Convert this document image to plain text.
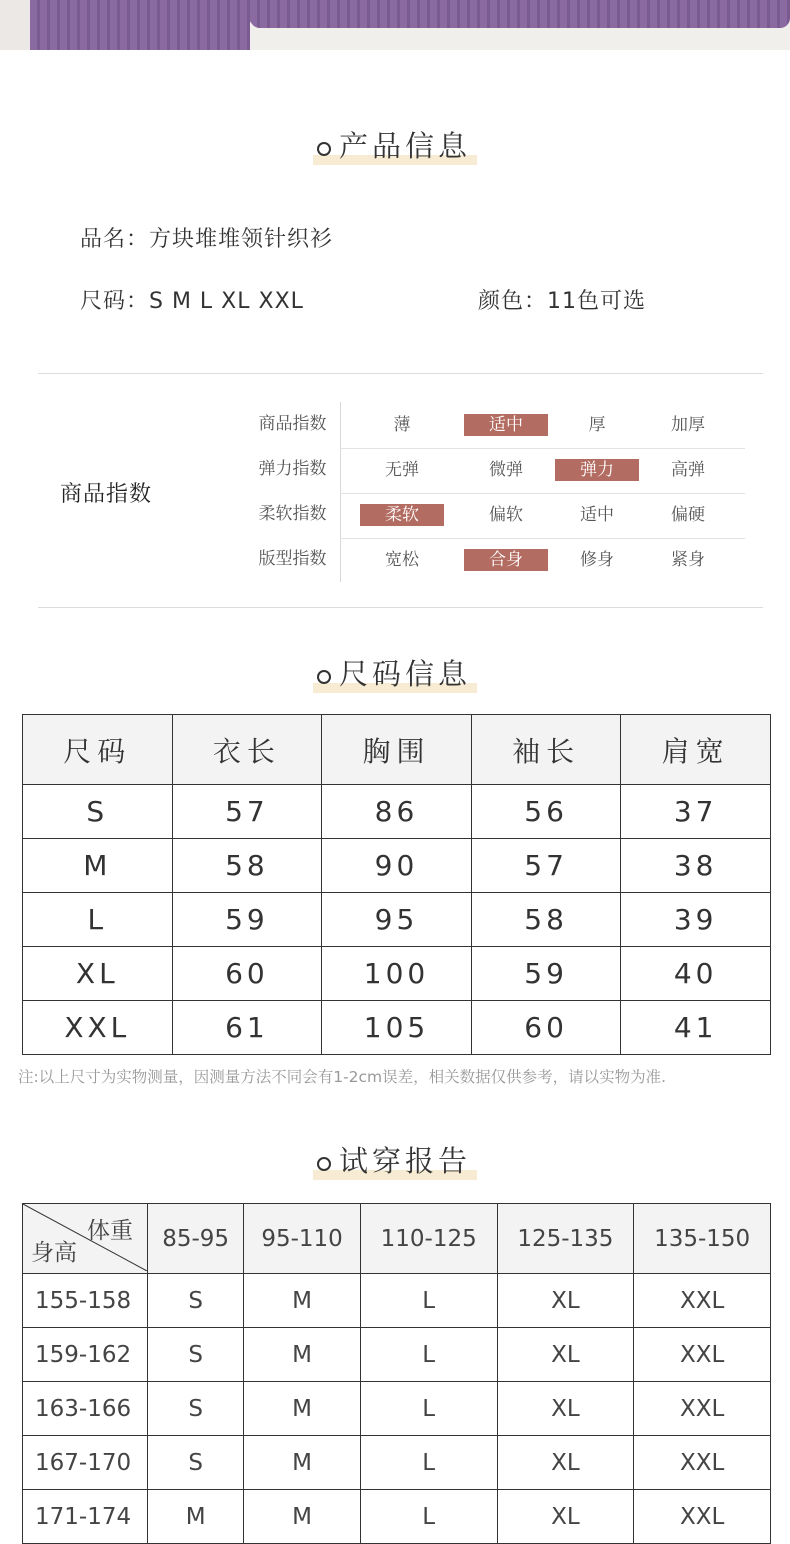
产品信息
品名：方块堆堆领针织衫
尺码：S M L XL XXL	颜色：11色可选
商品指数
商品指数	薄	适中	厚	加厚
弹力指数	无弹	微弹	弹力	高弹
柔软指数	柔软	偏软	适中	偏硬
版型指数	宽松	合身	修身	紧身
尺码信息
尺码	衣长	胸围	袖长	肩宽
S	57	86	56	37
M	58	90	57	38
L	59	95	58	39
XL	60	100	59	40
XXL	61	105	60	41
注:以上尺寸为实物测量，因测量方法不同会有1-2cm误差，相关数据仅供参考，请以实物为准.
试穿报告
体重
身高	85-95	95-110	110-125	125-135	135-150
155-158	S	M	L	XL	XXL
159-162	S	M	L	XL	XXL
163-166	S	M	L	XL	XXL
167-170	S	M	L	XL	XXL
171-174	M	M	L	XL	XXL
